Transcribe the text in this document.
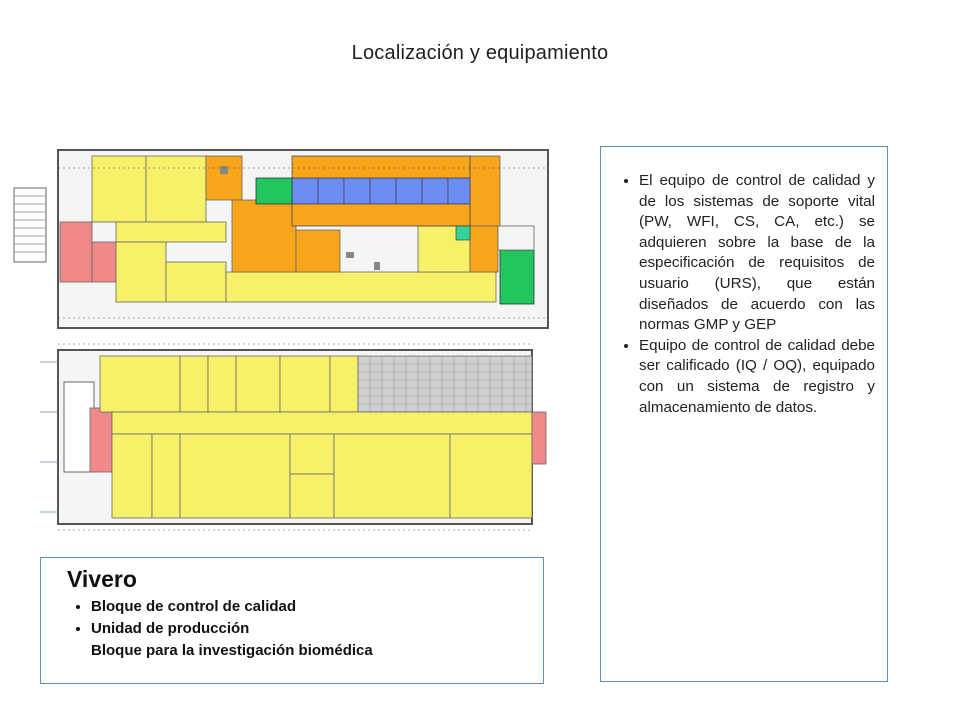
Localización y equipamiento
• El equipo de control de calidad y de los sistemas de soporte vital (PW, WFI, CS, CA, etc.) se adquieren sobre la base de la especificación de requisitos de usuario (URS), que están diseñados de acuerdo con las normas GMP y GEP
• Equipo de control de calidad debe ser calificado (IQ / OQ), equipado con un sistema de registro y almacenamiento de datos.
Vivero
• Bloque de control de calidad
• Unidad de producción
Bloque para la investigación biomédica
